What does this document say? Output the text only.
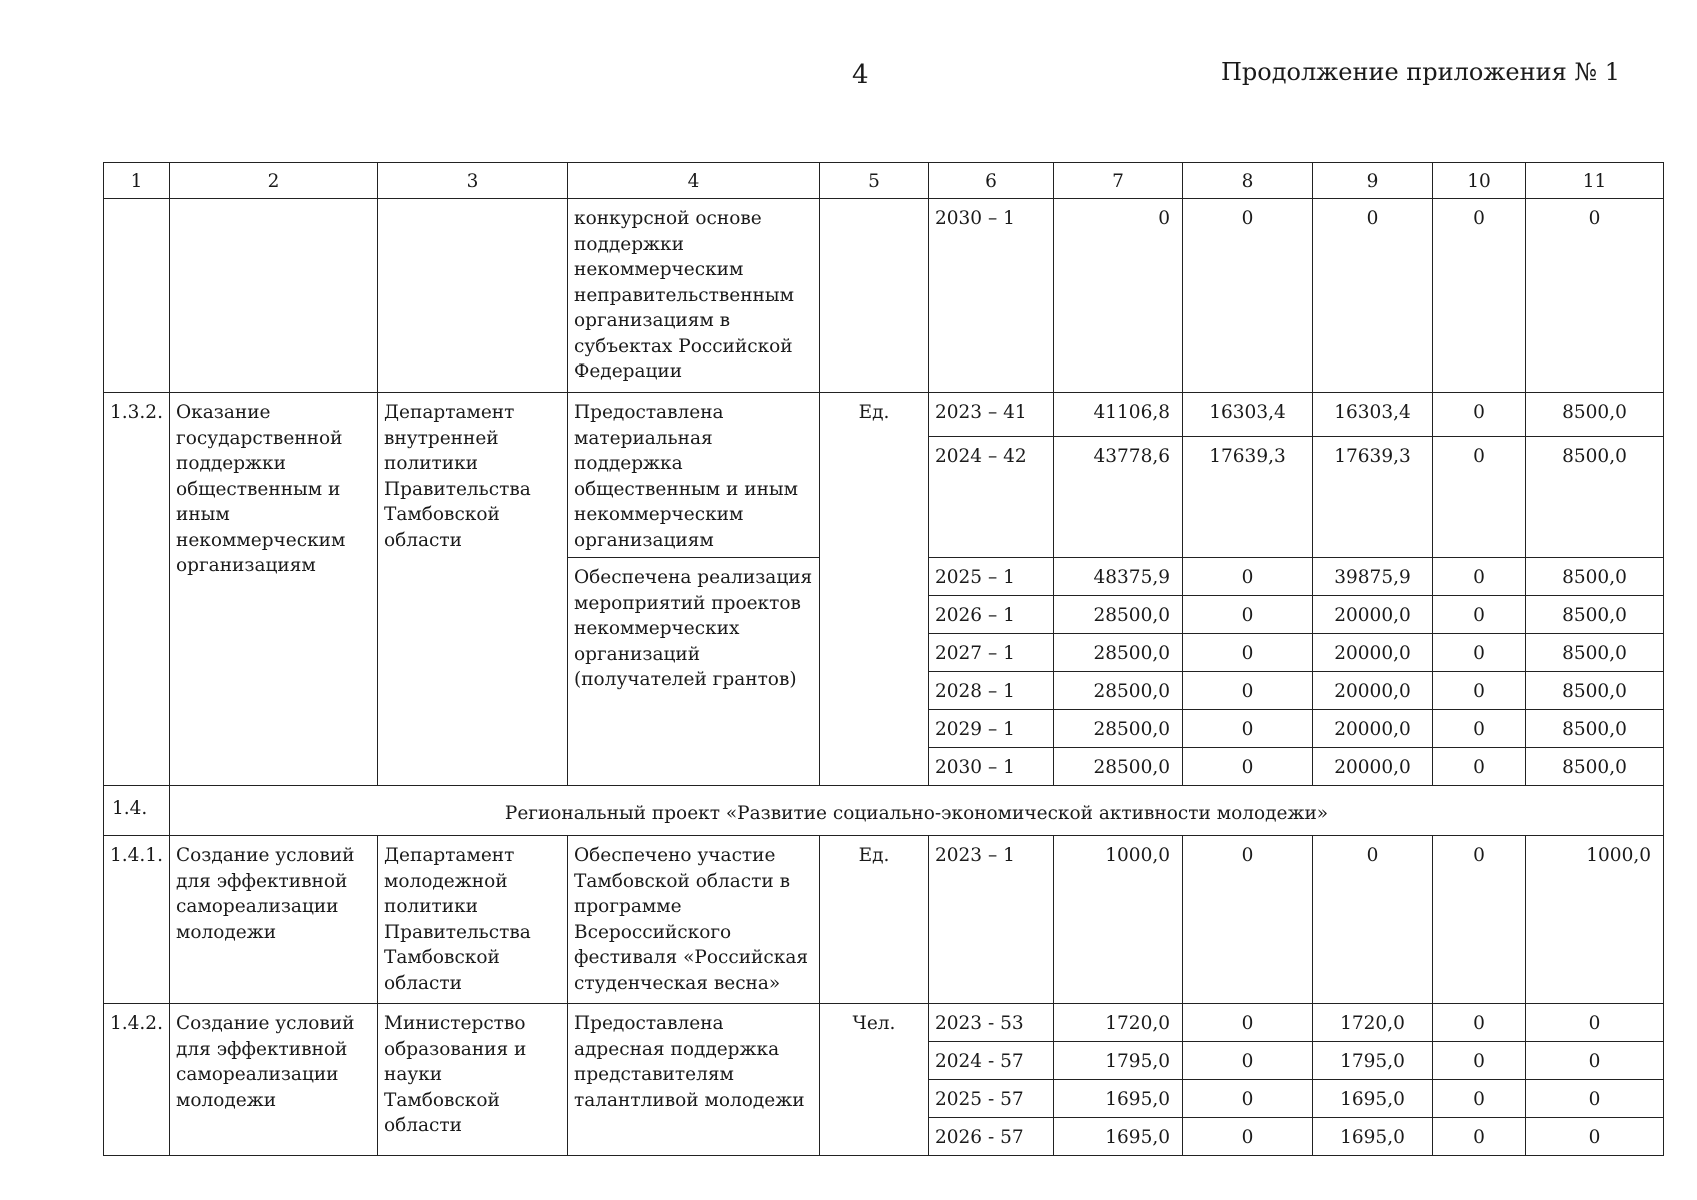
4	Продолжение приложения № 1
1	2	3	4	5	6	7	8	9	10	11
			конкурсной основе поддержки некоммерческим неправительственным организациям в субъектах Российской Федерации		2030 – 1	0	0	0	0	0
1.3.2.	Оказание государственной поддержки общественным и иным некоммерческим организациям	Департамент внутренней политики Правительства Тамбовской области	Предоставлена материальная поддержка общественным и иным некоммерческим организациям	Ед.	2023 – 41	41106,8	16303,4	16303,4	0	8500,0
					2024 – 42	43778,6	17639,3	17639,3	0	8500,0
			Обеспечена реализация мероприятий проектов некоммерческих организаций (получателей грантов)		2025 – 1	48375,9	0	39875,9	0	8500,0
					2026 – 1	28500,0	0	20000,0	0	8500,0
					2027 – 1	28500,0	0	20000,0	0	8500,0
					2028 – 1	28500,0	0	20000,0	0	8500,0
					2029 – 1	28500,0	0	20000,0	0	8500,0
					2030 – 1	28500,0	0	20000,0	0	8500,0
1.4.	Региональный проект «Развитие социально-экономической активности молодежи»									
1.4.1.	Создание условий для эффективной самореализации молодежи	Департамент молодежной политики Правительства Тамбовской области	Обеспечено участие Тамбовской области в программе Всероссийского фестиваля «Российская студенческая весна»	Ед.	2023 – 1	1000,0	0	0	0	1000,0
1.4.2.	Создание условий для эффективной самореализации молодежи	Министерство образования и науки Тамбовской области	Предоставлена адресная поддержка представителям талантливой молодежи	Чел.	2023 - 53	1720,0	0	1720,0	0	0
					2024 - 57	1795,0	0	1795,0	0	0
					2025 - 57	1695,0	0	1695,0	0	0
					2026 - 57	1695,0	0	1695,0	0	0
